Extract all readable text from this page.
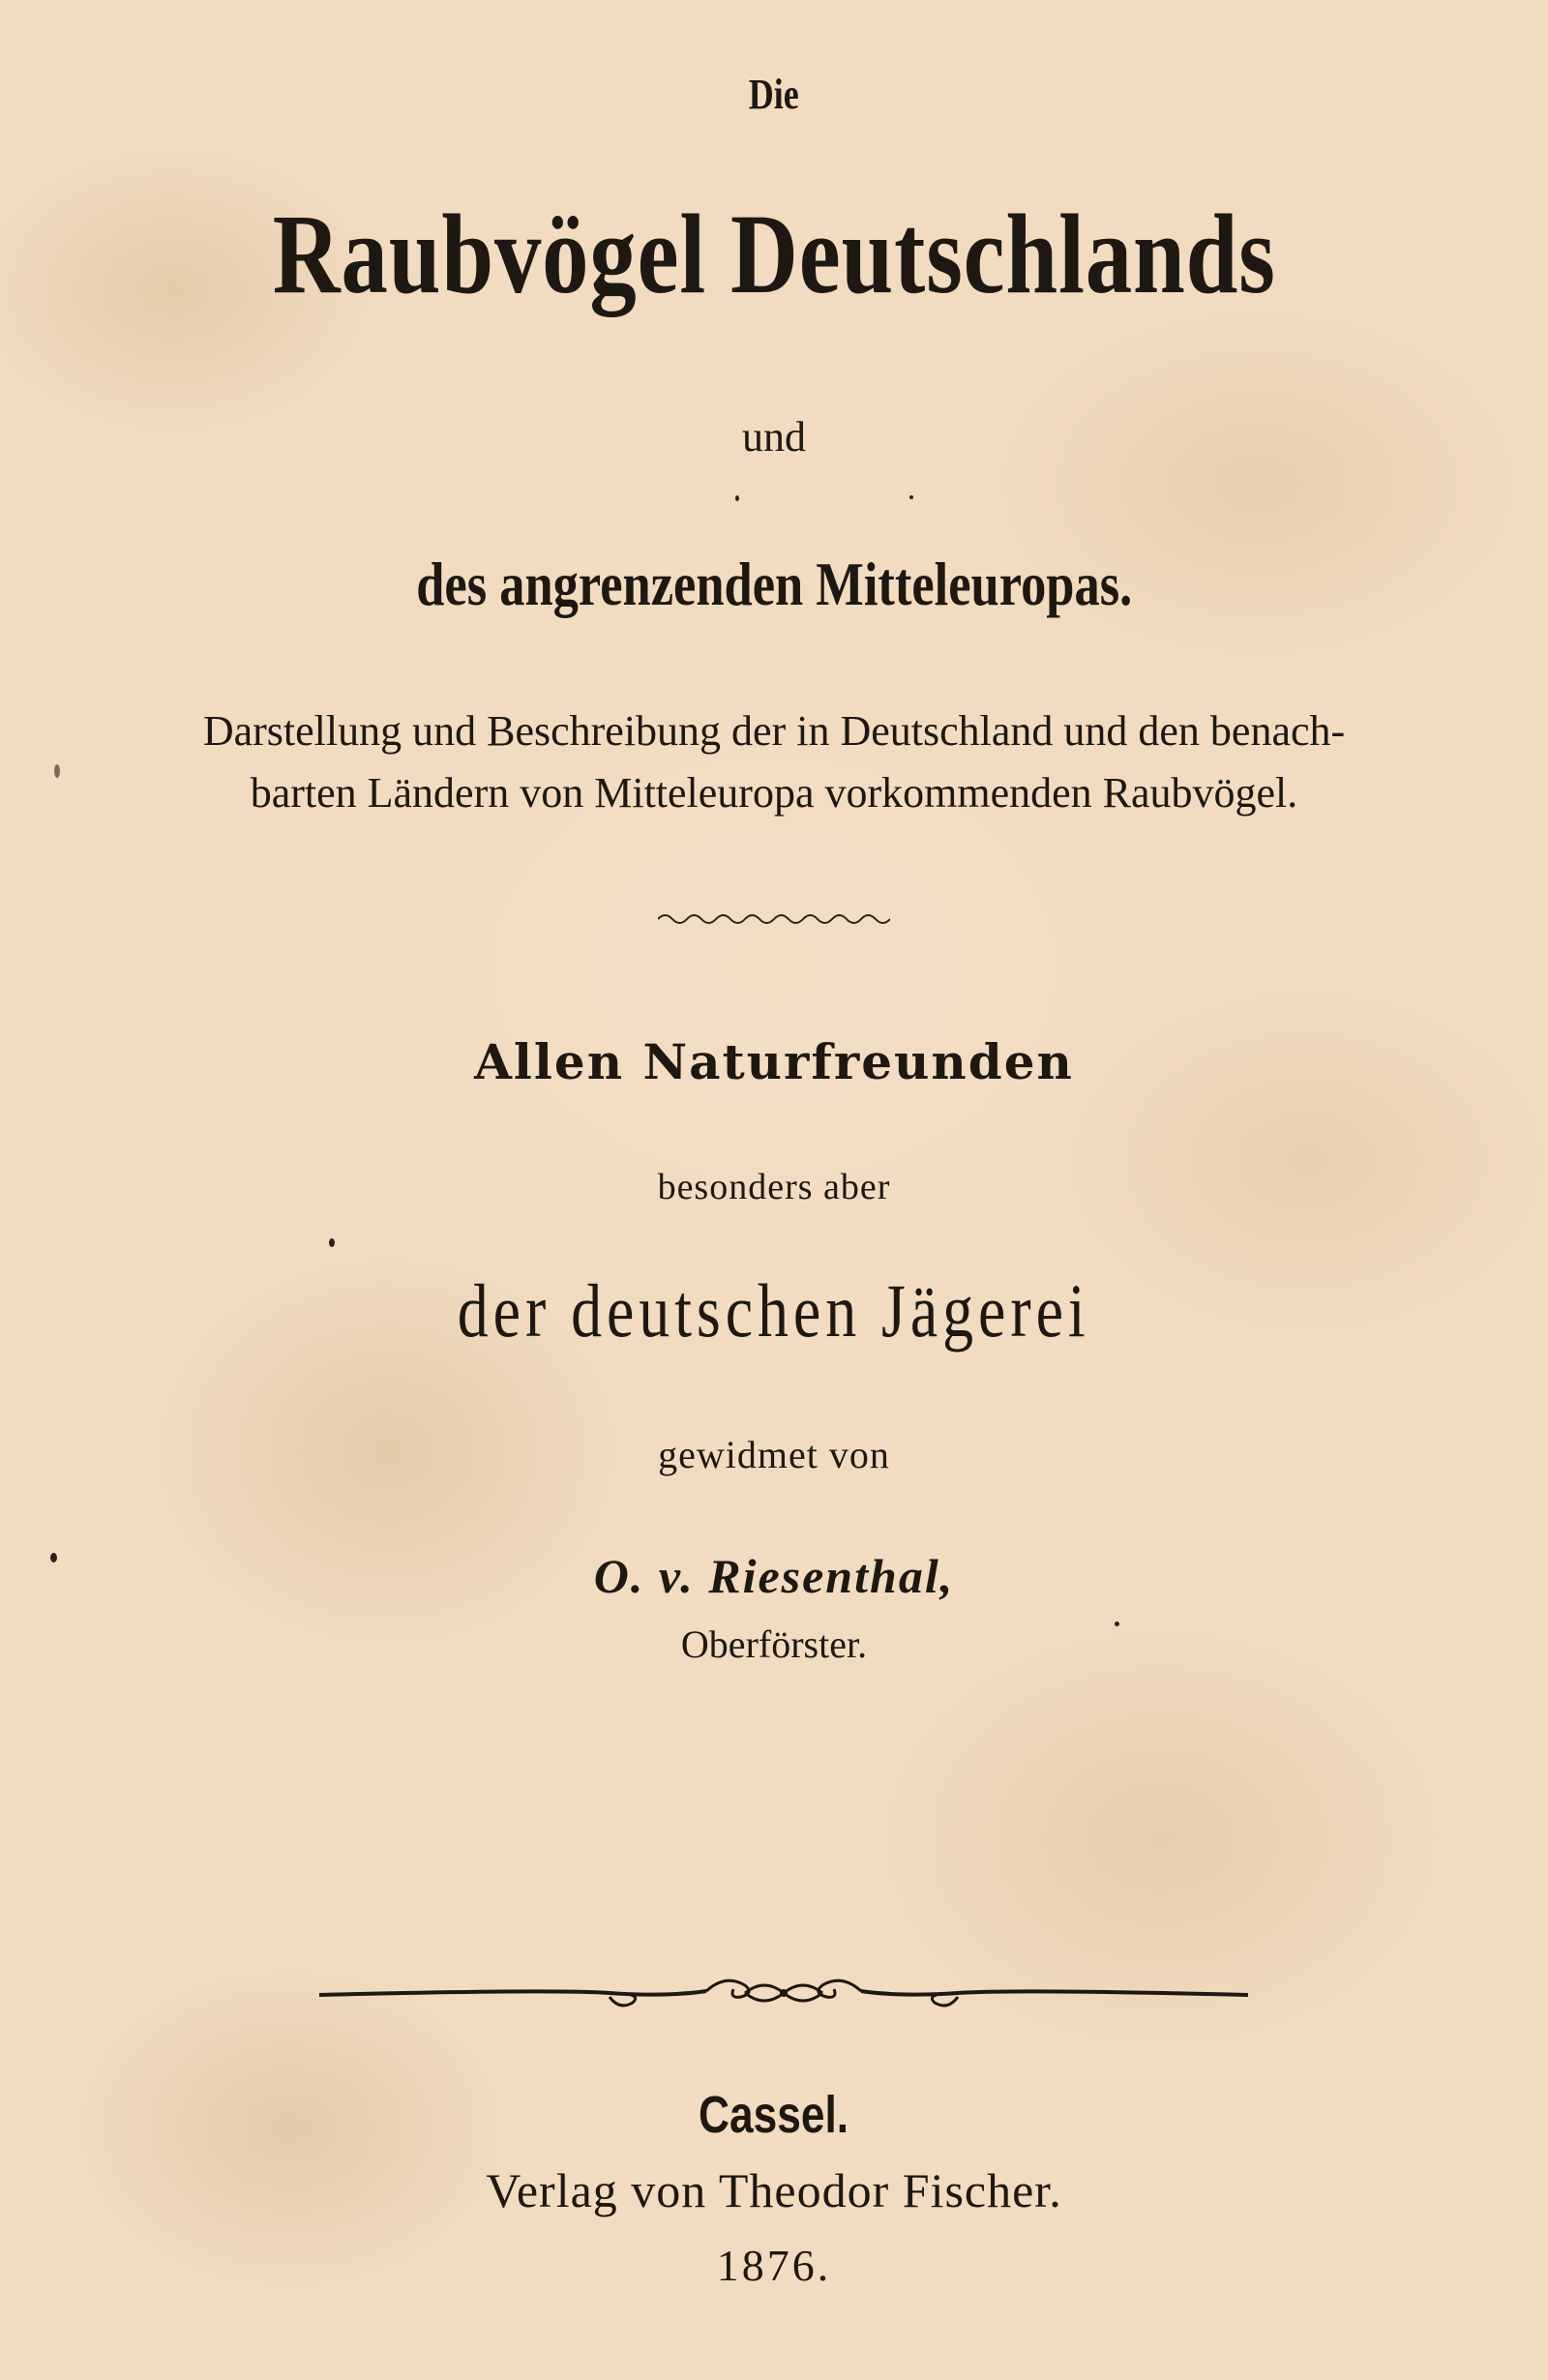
Die
Raubvögel Deutschlands
und
des angrenzenden Mitteleuropas.
Darstellung und Beschreibung der in Deutschland und den benach-
barten Ländern von Mitteleuropa vorkommenden Raubvögel.
Allen Naturfreunden
besonders aber
der deutschen Jägerei
gewidmet von
O. v. Riesenthal,
Oberförster.
Cassel.
Verlag von Theodor Fischer.
1876.
